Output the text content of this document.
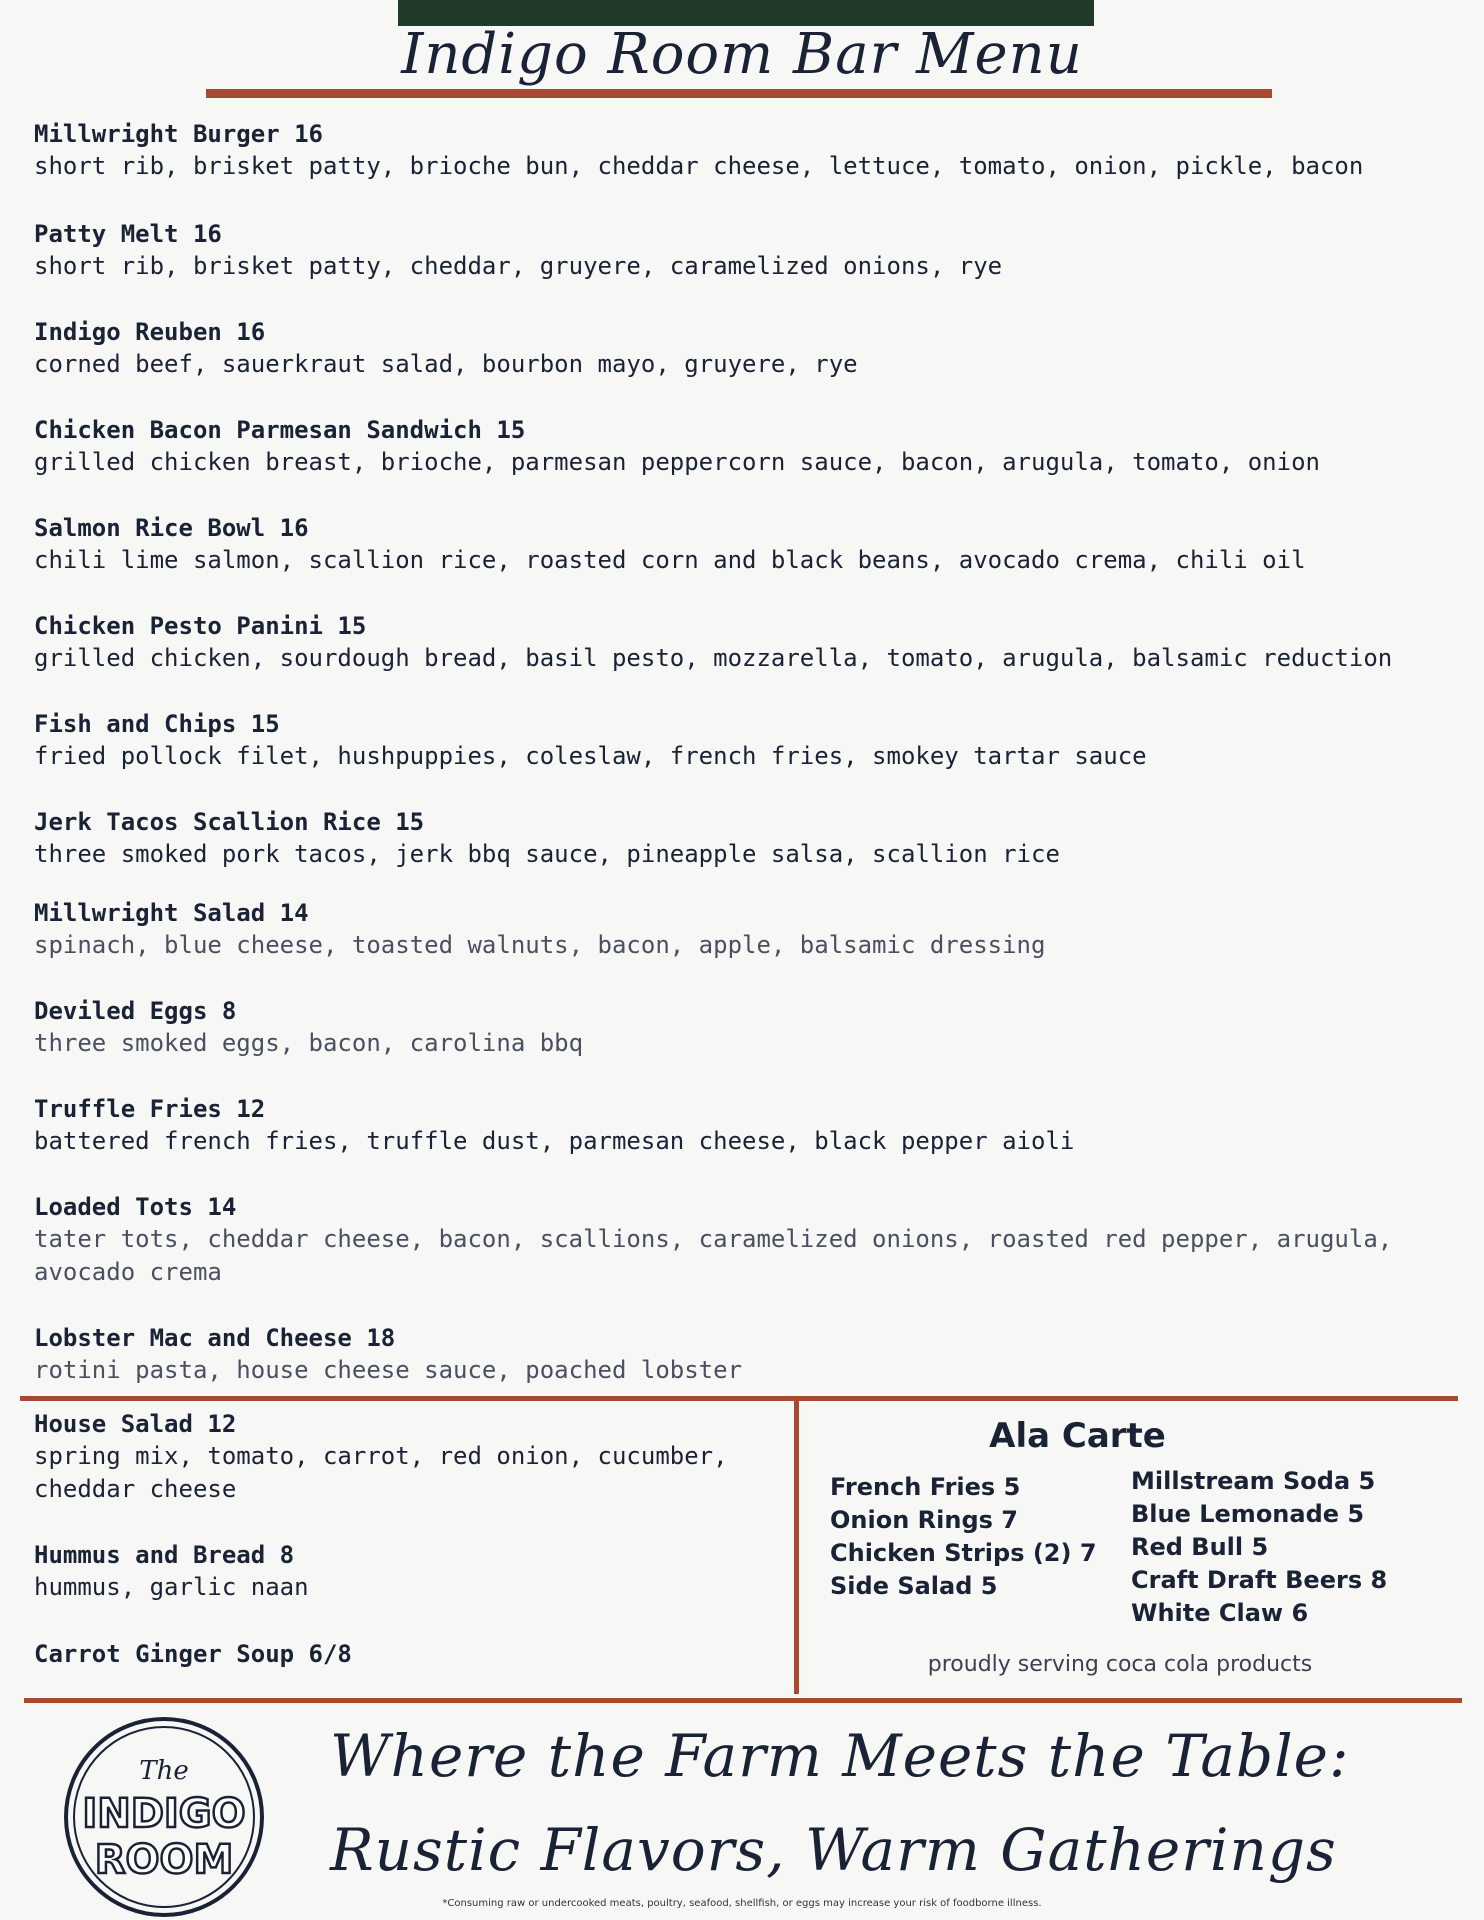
Indigo Room Bar Menu
Millwright Burger 16
short rib, brisket patty, brioche bun, cheddar cheese, lettuce, tomato, onion, pickle, bacon
Patty Melt 16
short rib, brisket patty, cheddar, gruyere, caramelized onions, rye
Indigo Reuben 16
corned beef, sauerkraut salad, bourbon mayo, gruyere, rye
Chicken Bacon Parmesan Sandwich 15
grilled chicken breast, brioche, parmesan peppercorn sauce, bacon, arugula, tomato, onion
Salmon Rice Bowl 16
chili lime salmon, scallion rice, roasted corn and black beans, avocado crema, chili oil
Chicken Pesto Panini 15
grilled chicken, sourdough bread, basil pesto, mozzarella, tomato, arugula, balsamic reduction
Fish and Chips 15
fried pollock filet, hushpuppies, coleslaw, french fries, smokey tartar sauce
Jerk Tacos Scallion Rice 15
three smoked pork tacos, jerk bbq sauce, pineapple salsa, scallion rice
Millwright Salad 14
spinach, blue cheese, toasted walnuts, bacon, apple, balsamic dressing
Deviled Eggs 8
three smoked eggs, bacon, carolina bbq
Truffle Fries 12
battered french fries, truffle dust, parmesan cheese, black pepper aioli
Loaded Tots 14
tater tots, cheddar cheese, bacon, scallions, caramelized onions, roasted red pepper, arugula, avocado crema
Lobster Mac and Cheese 18
rotini pasta, house cheese sauce, poached lobster
House Salad 12
spring mix, tomato, carrot, red onion, cucumber, cheddar cheese
Hummus and Bread 8
hummus, garlic naan
Carrot Ginger Soup 6/8
Ala Carte
French Fries 5
Onion Rings 7
Chicken Strips (2) 7
Side Salad 5
Millstream Soda 5
Blue Lemonade 5
Red Bull 5
Craft Draft Beers 8
White Claw 6
proudly serving coca cola products
The
INDIGO
ROOM
Where the Farm Meets the Table:
Rustic Flavors, Warm Gatherings
*Consuming raw or undercooked meats, poultry, seafood, shellfish, or eggs may increase your risk of foodborne illness.
